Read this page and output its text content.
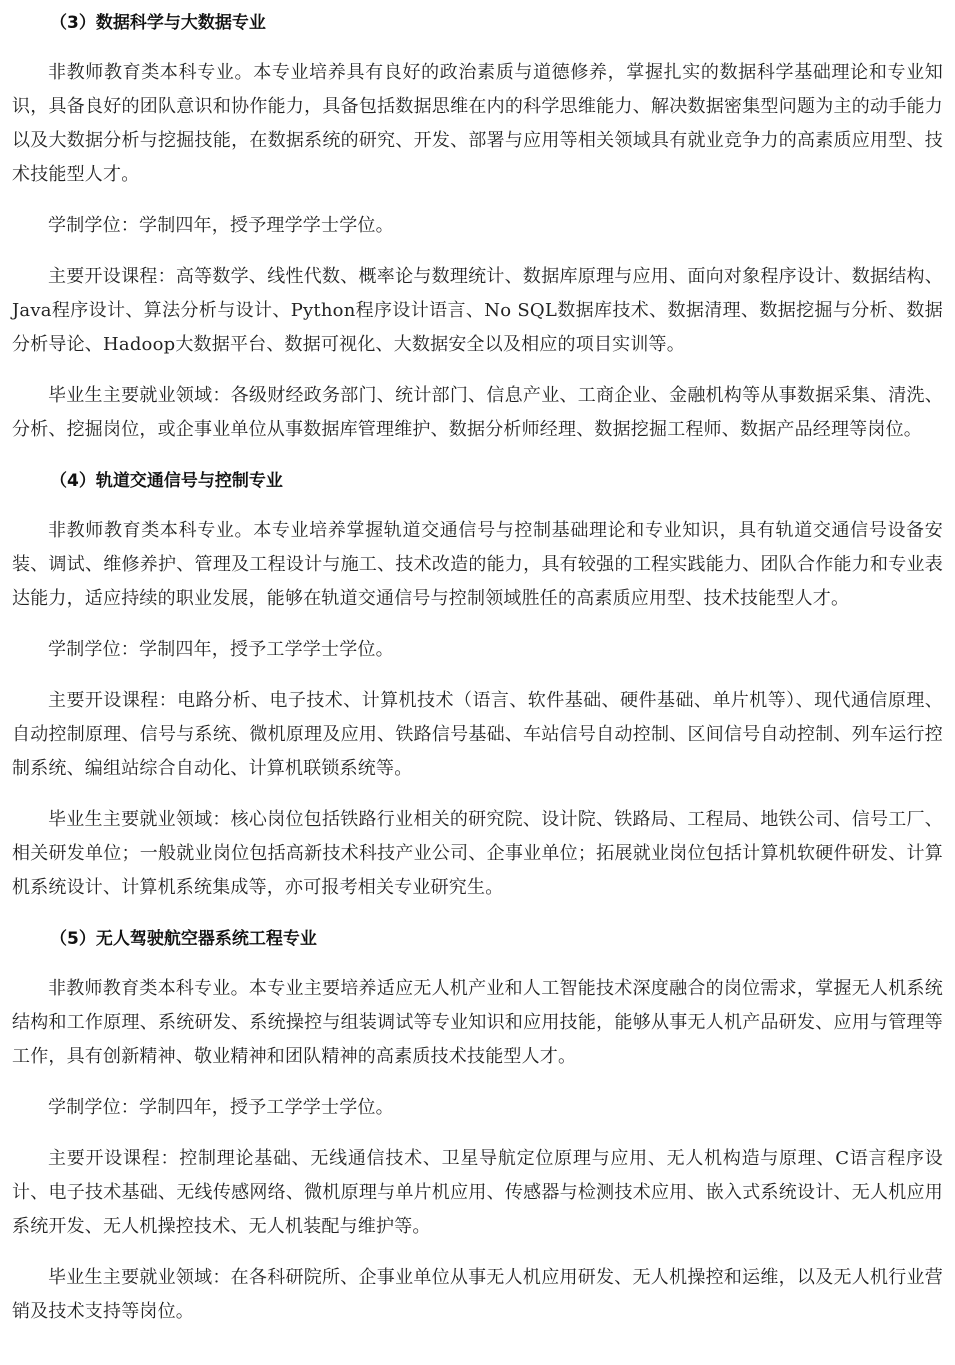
（3）数据科学与大数据专业

非教师教育类本科专业。本专业培养具有良好的政治素质与道德修养，掌握扎实的数据科学基础理论和专业知识，具备良好的团队意识和协作能力，具备包括数据思维在内的科学思维能力、解决数据密集型问题为主的动手能力以及大数据分析与挖掘技能，在数据系统的研究、开发、部署与应用等相关领域具有就业竞争力的高素质应用型、技术技能型人才。

学制学位：学制四年，授予理学学士学位。

主要开设课程：高等数学、线性代数、概率论与数理统计、数据库原理与应用、面向对象程序设计、数据结构、Java程序设计、算法分析与设计、Python程序设计语言、No SQL数据库技术、数据清理、数据挖掘与分析、数据分析导论、Hadoop大数据平台、数据可视化、大数据安全以及相应的项目实训等。

毕业生主要就业领域：各级财经政务部门、统计部门、信息产业、工商企业、金融机构等从事数据采集、清洗、分析、挖掘岗位，或企事业单位从事数据库管理维护、数据分析师经理、数据挖掘工程师、数据产品经理等岗位。

（4）轨道交通信号与控制专业

非教师教育类本科专业。本专业培养掌握轨道交通信号与控制基础理论和专业知识，具有轨道交通信号设备安装、调试、维修养护、管理及工程设计与施工、技术改造的能力，具有较强的工程实践能力、团队合作能力和专业表达能力，适应持续的职业发展，能够在轨道交通信号与控制领域胜任的高素质应用型、技术技能型人才。

学制学位：学制四年，授予工学学士学位。

主要开设课程：电路分析、电子技术、计算机技术（语言、软件基础、硬件基础、单片机等）、现代通信原理、自动控制原理、信号与系统、微机原理及应用、铁路信号基础、车站信号自动控制、区间信号自动控制、列车运行控制系统、编组站综合自动化、计算机联锁系统等。

毕业生主要就业领域：核心岗位包括铁路行业相关的研究院、设计院、铁路局、工程局、地铁公司、信号工厂、相关研发单位；一般就业岗位包括高新技术科技产业公司、企事业单位；拓展就业岗位包括计算机软硬件研发、计算机系统设计、计算机系统集成等，亦可报考相关专业研究生。

（5）无人驾驶航空器系统工程专业

非教师教育类本科专业。本专业主要培养适应无人机产业和人工智能技术深度融合的岗位需求，掌握无人机系统结构和工作原理、系统研发、系统操控与组装调试等专业知识和应用技能，能够从事无人机产品研发、应用与管理等工作，具有创新精神、敬业精神和团队精神的高素质技术技能型人才。

学制学位：学制四年，授予工学学士学位。

主要开设课程：控制理论基础、无线通信技术、卫星导航定位原理与应用、无人机构造与原理、C语言程序设计、电子技术基础、无线传感网络、微机原理与单片机应用、传感器与检测技术应用、嵌入式系统设计、无人机应用系统开发、无人机操控技术、无人机装配与维护等。

毕业生主要就业领域：在各科研院所、企事业单位从事无人机应用研发、无人机操控和运维，以及无人机行业营销及技术支持等岗位。
